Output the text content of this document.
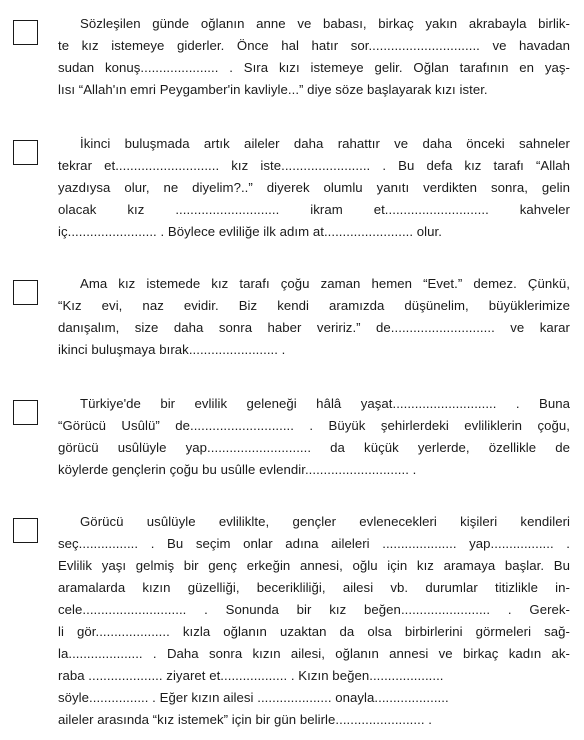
Sözleşilen günde oğlanın anne ve babası, birkaç yakın akrabayla birlik-
te kız istemeye giderler. Önce hal hatır sor.............................. ve havadan
sudan konuş..................... . Sıra kızı istemeye gelir. Oğlan tarafının en yaş-
lısı “Allah'ın emri Peygamber'in kavliyle...” diye söze başlayarak kızı ister.
İkinci buluşmada artık aileler daha rahattır ve daha önceki sahneler
tekrar et............................ kız iste........................ . Bu defa kız tarafı “Allah
yazdıysa olur, ne diyelim?..” diyerek olumlu yanıtı verdikten sonra, gelin
olacak kız ............................ ikram et............................ kahveler
iç........................ . Böylece evliliğe ilk adım at........................ olur.
Ama kız istemede kız tarafı çoğu zaman hemen “Evet.” demez. Çünkü,
“Kız evi, naz evidir. Biz kendi aramızda düşünelim, büyüklerimize
danışalım, size daha sonra haber veririz.” de............................ ve karar
ikinci buluşmaya bırak........................ .
Türkiye'de bir evlilik geleneği hâlâ yaşat............................ . Buna
“Görücü Usûlü” de............................ . Büyük şehirlerdeki evliliklerin çoğu,
görücü usûlüyle yap............................ da küçük yerlerde, özellikle de
köylerde gençlerin çoğu bu usûlle evlendir............................ .
Görücü usûlüyle evliliklte, gençler evlenecekleri kişileri kendileri
seç................ . Bu seçim onlar adına aileleri .................... yap................. .
Evlilik yaşı gelmiş bir genç erkeğin annesi, oğlu için kız aramaya başlar. Bu
aramalarda kızın güzelliği, becerikliliği, ailesi vb. durumlar titizlikle in-
cele............................ . Sonunda bir kız beğen........................ . Gerek-
li gör.................... kızla oğlanın uzaktan da olsa birbirlerini görmeleri sağ-
la.................... . Daha sonra kızın ailesi, oğlanın annesi ve birkaç kadın ak-
raba .................... ziyaret et.................. . Kızın beğen....................
söyle................ . Eğer kızın ailesi .................... onayla....................
aileler arasında “kız istemek” için bir gün belirle........................ .
